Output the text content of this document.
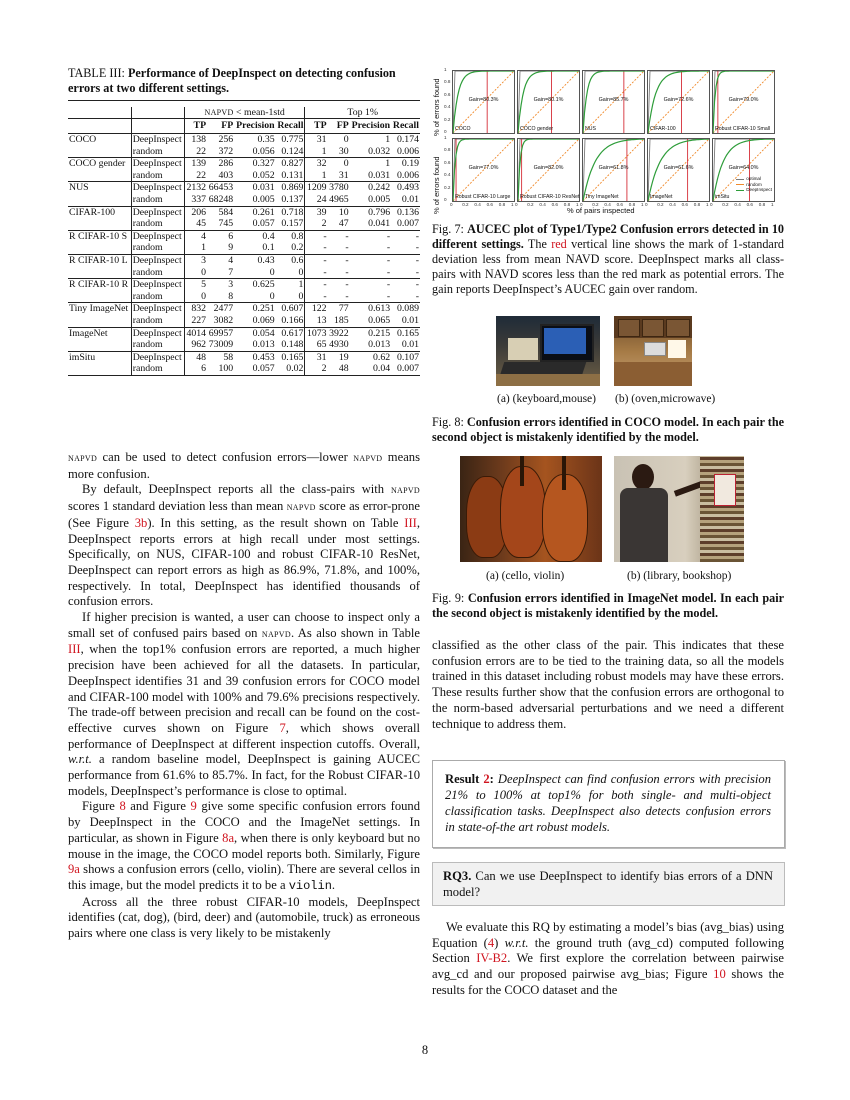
TABLE III: Performance of DeepInspect on detecting confusion errors at two different settings.

		napvd < mean-1std				Top 1%			
		TP	FP	Precision	Recall	TP	FP	Precision	Recall
COCO	DeepInspect	138	256	0.35	0.775	31	0	1	0.174
	random	22	372	0.056	0.124	1	30	0.032	0.006
COCO gender	DeepInspect	139	286	0.327	0.827	32	0	1	0.19
	random	22	403	0.052	0.131	1	31	0.031	0.006
NUS	DeepInspect	2132	66453	0.031	0.869	1209	3780	0.242	0.493
	random	337	68248	0.005	0.137	24	4965	0.005	0.01
CIFAR-100	DeepInspect	206	584	0.261	0.718	39	10	0.796	0.136
	random	45	745	0.057	0.157	2	47	0.041	0.007
R CIFAR-10 S	DeepInspect	4	6	0.4	0.8	-	-	-	-
	random	1	9	0.1	0.2	-	-	-	-
R CIFAR-10 L	DeepInspect	3	4	0.43	0.6	-	-	-	-
	random	0	7	0	0	-	-	-	-
R CIFAR-10 R	DeepInspect	5	3	0.625	1	-	-	-	-
	random	0	8	0	0	-	-	-	-
Tiny ImageNet	DeepInspect	832	2477	0.251	0.607	122	77	0.613	0.089
	random	227	3082	0.069	0.166	13	185	0.065	0.01
ImageNet	DeepInspect	4014	69957	0.054	0.617	1073	3922	0.215	0.165
	random	962	73009	0.013	0.148	65	4930	0.013	0.01
imSitu	DeepInspect	48	58	0.453	0.165	31	19	0.62	0.107
	random	6	100	0.057	0.02	2	48	0.04	0.007

napvd can be used to detect confusion errors—lower napvd means more confusion.

By default, DeepInspect reports all the class-pairs with napvd scores 1 standard deviation less than mean napvd score as error-prone (See Figure 3b). In this setting, as the result shown on Table III, DeepInspect reports errors at high recall under most settings. Specifically, on NUS, CIFAR-100 and robust CIFAR-10 ResNet, DeepInspect can report errors as high as 86.9%, 71.8%, and 100%, respectively. In total, DeepInspect has identified thousands of confusion errors.

If higher precision is wanted, a user can choose to inspect only a small set of confused pairs based on napvd. As also shown in Table III, when the top1% confusion errors are reported, a much higher precision have been achieved for all the datasets. In particular, DeepInspect identifies 31 and 39 confusion errors for COCO model and CIFAR-100 model with 100% and 79.6% precisions respectively. The trade-off between precision and recall can be found on the cost-effective curves shown on Figure 7, which shows overall performance of DeepInspect at different inspection cutoffs. Overall, w.r.t. a random baseline model, DeepInspect is gaining AUCEC performance from 61.6% to 85.7%. In fact, for the Robust CIFAR-10 models, DeepInspect’s performance is close to optimal.

Figure 8 and Figure 9 give some specific confusion errors found by DeepInspect in the COCO and the ImageNet settings. In particular, as shown in Figure 8a, when there is only keyboard but no mouse in the image, the COCO model reports both. Similarly, Figure 9a shows a confusion errors (cello, violin). There are several cellos in this image, but the model predicts it to be a violin.

Across all the three robust CIFAR-10 models, DeepInspect identifies (cat, dog), (bird, deer) and (automobile, truck) as erroneous pairs where one class is very likely to be mistakenly

% of errors found
% of errors found
Gain=80.3%
COCO
0
0.2
0.4
0.6
0.8
1
Gain=80.1%
COCO gender
Gain=85.7%
NUS
Gain=72.6%
CIFAR-100
Gain=79.0%
Robust CIFAR-10 Small
Gain=77.0%
Robust CIFAR-10 Large
0
0.2
0.4
0.6
0.8
1
0 0.2 0.4 0.6 0.8 1
Gain=82.0%
Robust CIFAR-10 ResNet
0 0.2 0.4 0.6 0.8 1
Gain=61.8%
Tiny ImageNet
0 0.2 0.4 0.6 0.8 1
Gain=61.6%
ImageNet
0 0.2 0.4 0.6 0.8 1
Gain=64.0%
imSitu
optimal
random
DeepInspect
0 0.2 0.4 0.6 0.8 1
% of pairs inspected
Fig. 7: AUCEC plot of Type1/Type2 Confusion errors detected in 10 different settings. The red vertical line shows the mark of 1-standard deviation less from mean NAVD score. DeepInspect marks all class-pairs with NAVD scores less than the red mark as potential errors. The gain reports DeepInspect’s AUCEC gain over random.
(a) (keyboard,mouse) (b) (oven,microwave)
Fig. 8: Confusion errors identified in COCO model. In each pair the second object is mistakenly identified by the model.
(a) (cello, violin)	(b) (library, bookshop)
Fig. 9: Confusion errors identified in ImageNet model. In each pair the second object is mistakenly identified by the model.

classified as the other class of the pair. This indicates that these confusion errors are to be tied to the training data, so all the models trained in this dataset including robust models may have these errors. These results further show that the confusion errors are orthogonal to the norm-based adversarial perturbations and we need a different technique to address them.

Result 2: DeepInspect can find confusion errors with precision 21% to 100% at top1% for both single- and multi-object classification tasks. DeepInspect also detects confusion errors in state-of-the art robust models.
RQ3. Can we use DeepInspect to identify bias errors of a DNN model?

We evaluate this RQ by estimating a model’s bias (avg_bias) using Equation (4) w.r.t. the ground truth (avg_cd) computed following Section IV-B2. We first explore the correlation between pairwise avg_cd and our proposed pairwise avg_bias; Figure 10 shows the results for the COCO dataset and the

8
